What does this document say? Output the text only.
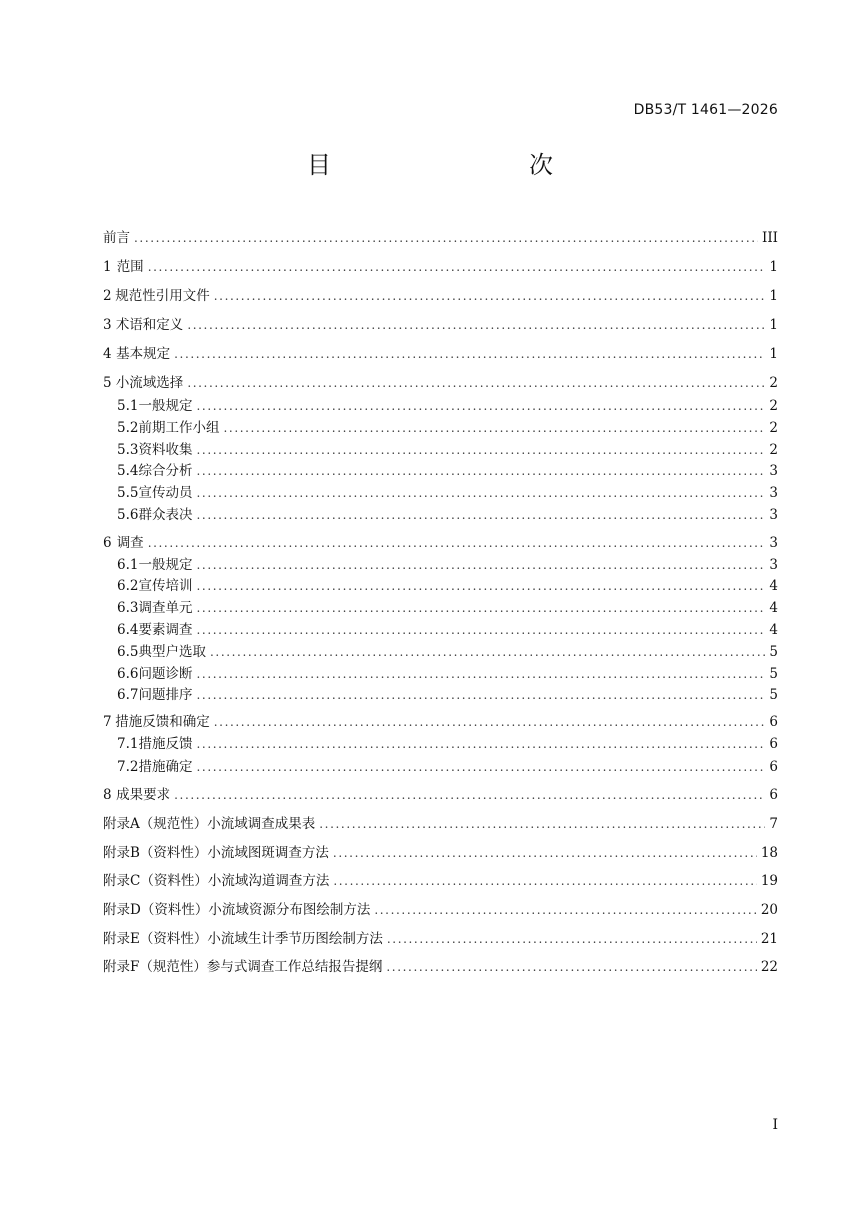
DB53/T 1461—2026
目　　次
前言 .....	III
1 范围 .....	1
2 规范性引用文件 .....	1
3 术语和定义 .....	1
4 基本规定 .....	1
5 小流域选择 .....	2
5.1 一般规定 .....	2
5.2 前期工作小组 .....	2
5.3 资料收集 .....	2
5.4 综合分析 .....	3
5.5 宣传动员 .....	3
5.6 群众表决 .....	3
6 调查 .....	3
6.1 一般规定 .....	3
6.2 宣传培训 .....	4
6.3 调查单元 .....	4
6.4 要素调查 .....	4
6.5 典型户选取 .....	5
6.6 问题诊断 .....	5
6.7 问题排序 .....	5
7 措施反馈和确定 .....	6
7.1 措施反馈 .....	6
7.2 措施确定 .....	6
8 成果要求 .....	6
附录A（规范性） 小流域调查成果表 .....	7
附录B（资料性） 小流域图斑调查方法 .....	18
附录C（资料性） 小流域沟道调查方法 .....	19
附录D（资料性） 小流域资源分布图绘制方法 .....	20
附录E（资料性） 小流域生计季节历图绘制方法 .....	21
附录F（规范性） 参与式调查工作总结报告提纲 .....	22
I
